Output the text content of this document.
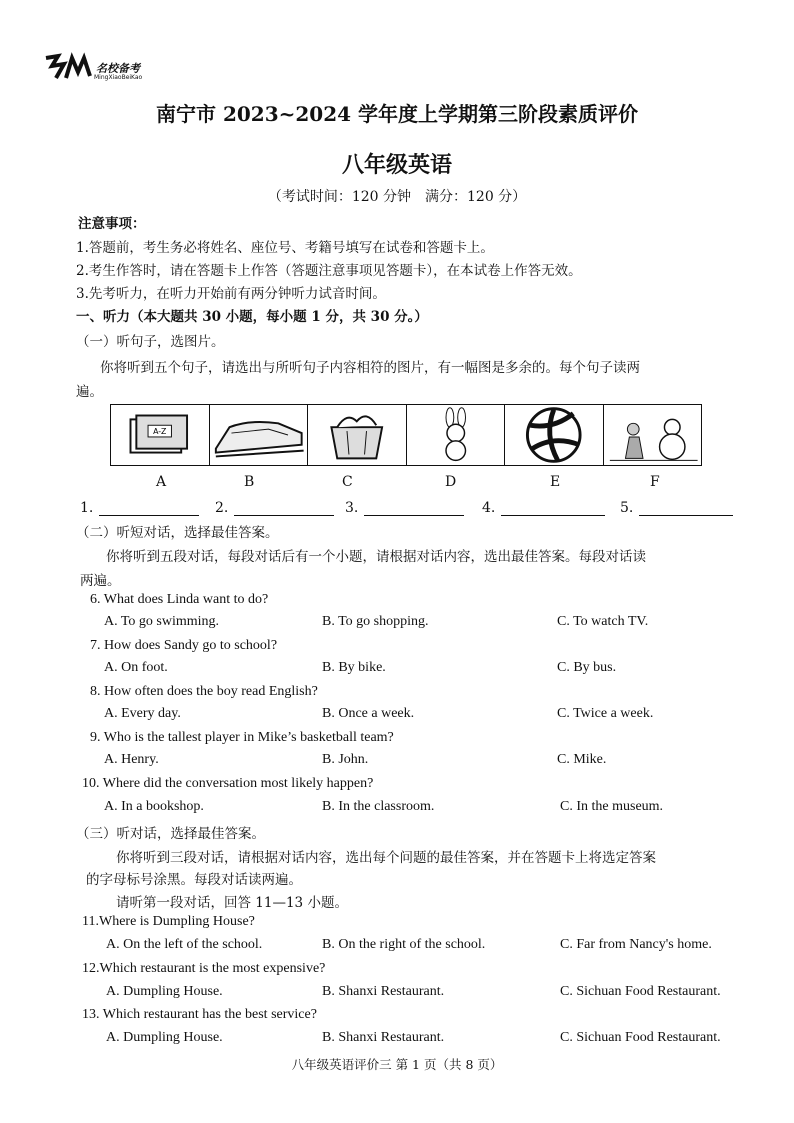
名校备考
MingXiaoBeiKao
南宁市 2023~2024 学年度上学期第三阶段素质评价
八年级英语
（考试时间：120 分钟　满分：120 分）
注意事项：
1.答题前，考生务必将姓名、座位号、考籍号填写在试卷和答题卡上。
2.考生作答时，请在答题卡上作答（答题注意事项见答题卡），在本试卷上作答无效。
3.先考听力，在听力开始前有两分钟听力试音时间。
一、听力（本大题共 30 小题，每小题 1 分，共 30 分。）
（一）听句子，选图片。
你将听到五个句子，请选出与所听句子内容相符的图片，有一幅图是多余的。每个句子读两
遍。
A-Z
A	B	C	D	E	F
1.	2.	3.	4.	5.
（二）听短对话，选择最佳答案。
你将听到五段对话，每段对话后有一个小题，请根据对话内容，选出最佳答案。每段对话读
两遍。
6. What does Linda want to do?
A. To go swimming.	B. To go shopping.	C. To watch TV.
7. How does Sandy go to school?
A. On foot.	B. By bike.	C. By bus.
8. How often does the boy read English?
A. Every day.	B. Once a week.	C. Twice a week.
9. Who is the tallest player in Mike’s basketball team?
A. Henry.	B. John.	C. Mike.
10. Where did the conversation most likely happen?
A. In a bookshop.	B. In the classroom.	C. In the museum.
（三）听对话，选择最佳答案。
你将听到三段对话，请根据对话内容，选出每个问题的最佳答案，并在答题卡上将选定答案
的字母标号涂黑。每段对话读两遍。
请听第一段对话，回答 11—13 小题。
11.Where is Dumpling House?
A. On the left of the school.	B. On the right of the school.	C. Far from Nancy's home.
12.Which restaurant is the most expensive?
A. Dumpling House.	B. Shanxi Restaurant.	C. Sichuan Food Restaurant.
13. Which restaurant has the best service?
A. Dumpling House.	B. Shanxi Restaurant.	C. Sichuan Food Restaurant.
八年级英语评价三 第 1 页（共 8 页）
